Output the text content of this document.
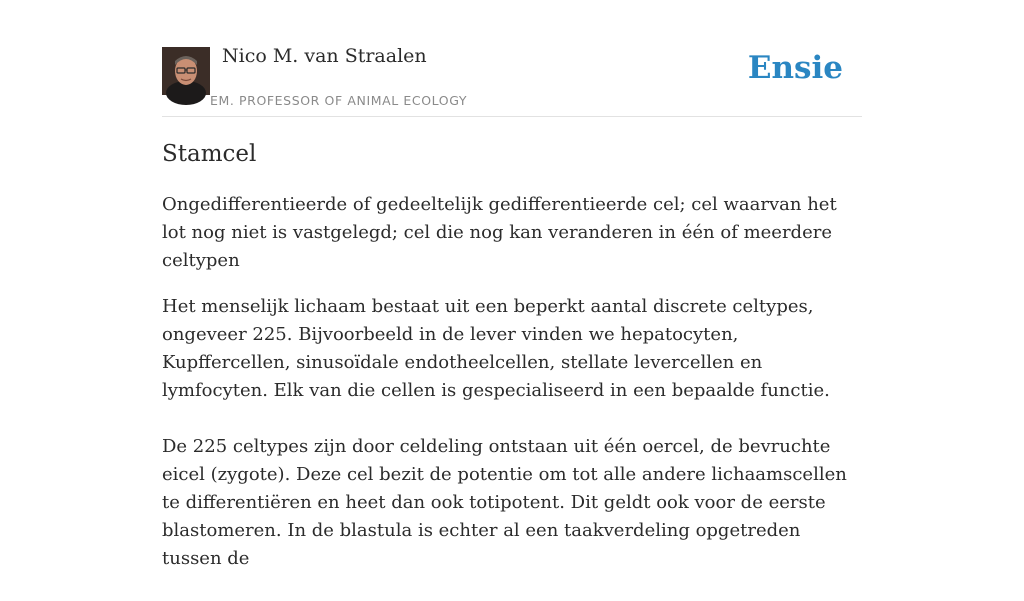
Nico M. van Straalen
EM. PROFESSOR OF ANIMAL ECOLOGY
Ensie
Stamcel
Ongedifferentieerde of gedeeltelijk gedifferentieerde cel; cel waarvan het lot nog niet is vastgelegd; cel die nog kan veranderen in één of meerdere celtypen

Het menselijk lichaam bestaat uit een beperkt aantal discrete celtypes, ongeveer 225. Bijvoorbeeld in de lever vinden we hepatocyten, Kupffercellen, sinusoïdale endotheelcellen, stellate levercellen en lymfocyten. Elk van die cellen is gespecialiseerd in een bepaalde functie.

De 225 celtypes zijn door celdeling ontstaan uit één oercel, de bevruchte eicel (zygote). Deze cel bezit de potentie om tot alle andere lichaamscellen te differentiëren en heet dan ook totipotent. Dit geldt ook voor de eerste blastomeren. In de blastula is echter al een taakverdeling opgetreden tussen de
